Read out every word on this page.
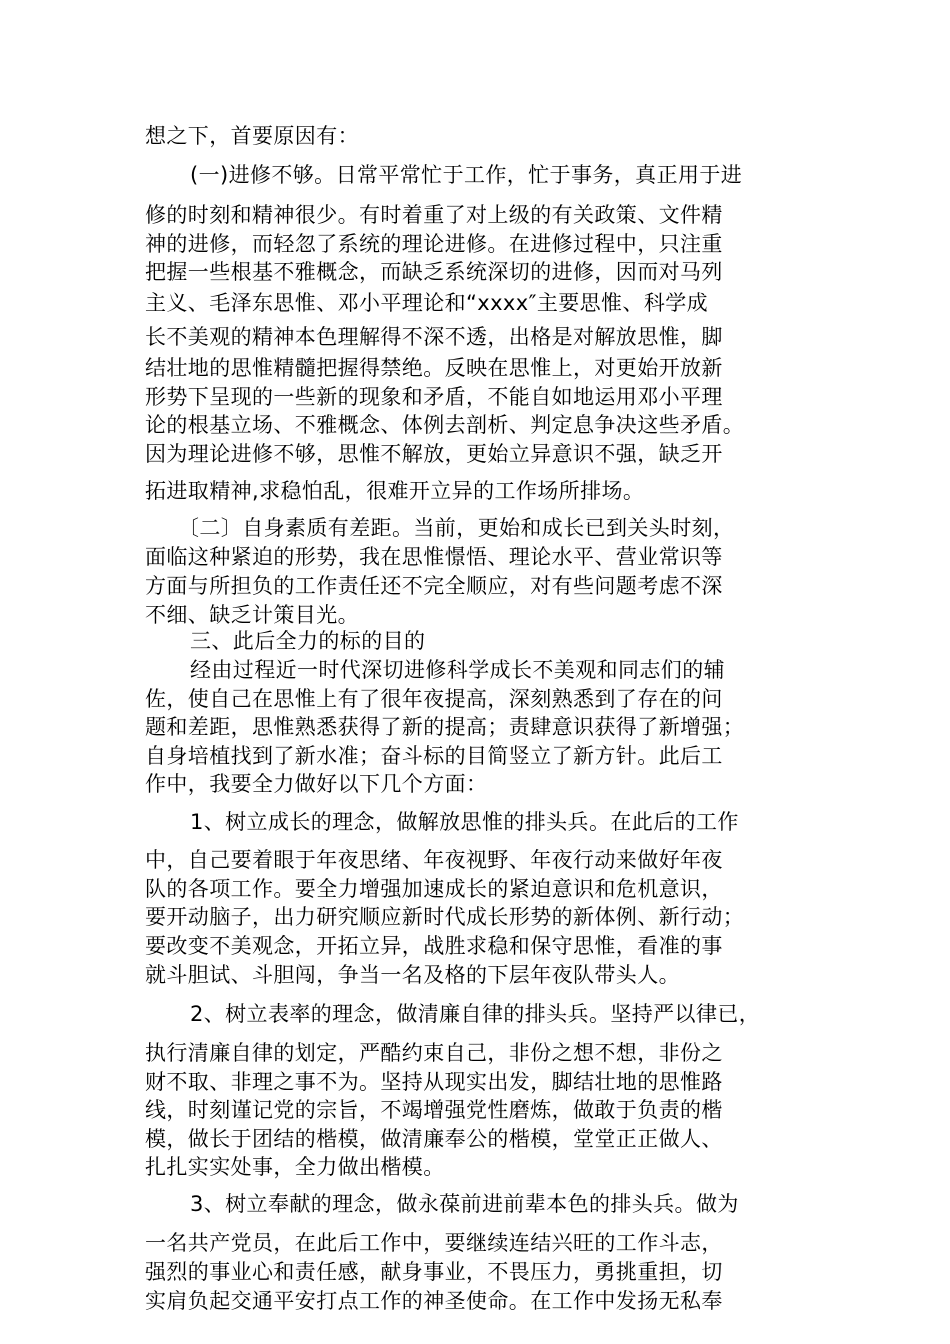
想之下，首要原因有：

(一)进修不够。日常平常忙于工作，忙于事务，真正用于进

修的时刻和精神很少。有时着重了对上级的有关政策、文件精

神的进修，而轻忽了系统的理论进修。在进修过程中，只注重

把握一些根基不雅概念，而缺乏系统深切的进修，因而对马列

主义、毛泽东思惟、邓小平理论和“xxxx″主要思惟、科学成

长不美观的精神本色理解得不深不透，出格是对解放思惟，脚

结壮地的思惟精髓把握得禁绝。反映在思惟上，对更始开放新

形势下呈现的一些新的现象和矛盾，不能自如地运用邓小平理

论的根基立场、不雅概念、体例去剖析、判定息争决这些矛盾。

因为理论进修不够，思惟不解放，更始立异意识不强，缺乏开

拓进取精神,求稳怕乱，很难开立异的工作场所排场。

〔二〕自身素质有差距。当前，更始和成长已到关头时刻，

面临这种紧迫的形势，我在思惟憬悟、理论水平、营业常识等

方面与所担负的工作责任还不完全顺应，对有些问题考虑不深

不细、缺乏计策目光。

三、此后全力的标的目的

经由过程近一时代深切进修科学成长不美观和同志们的辅

佐，使自己在思惟上有了很年夜提高，深刻熟悉到了存在的问

题和差距，思惟熟悉获得了新的提高；责肆意识获得了新增强；

自身培植找到了新水准；奋斗标的目简竖立了新方针。此后工

作中，我要全力做好以下几个方面：

1、树立成长的理念，做解放思惟的排头兵。在此后的工作

中，自己要着眼于年夜思绪、年夜视野、年夜行动来做好年夜

队的各项工作。要全力增强加速成长的紧迫意识和危机意识，

要开动脑子，出力研究顺应新时代成长形势的新体例、新行动；

要改变不美观念，开拓立异，战胜求稳和保守思惟，看准的事

就斗胆试、斗胆闯，争当一名及格的下层年夜队带头人。

2、树立表率的理念，做清廉自律的排头兵。坚持严以律已，

执行清廉自律的划定，严酷约束自己，非份之想不想，非份之

财不取、非理之事不为。坚持从现实出发，脚结壮地的思惟路

线，时刻谨记党的宗旨，不竭增强党性磨炼，做敢于负责的楷

模，做长于团结的楷模，做清廉奉公的楷模，堂堂正正做人、

扎扎实实处事，全力做出楷模。

3、树立奉献的理念，做永葆前进前辈本色的排头兵。做为

一名共产党员，在此后工作中，要继续连结兴旺的工作斗志，

强烈的事业心和责任感，献身事业，不畏压力，勇挑重担，切

实肩负起交通平安打点工作的神圣使命。在工作中发扬无私奉
